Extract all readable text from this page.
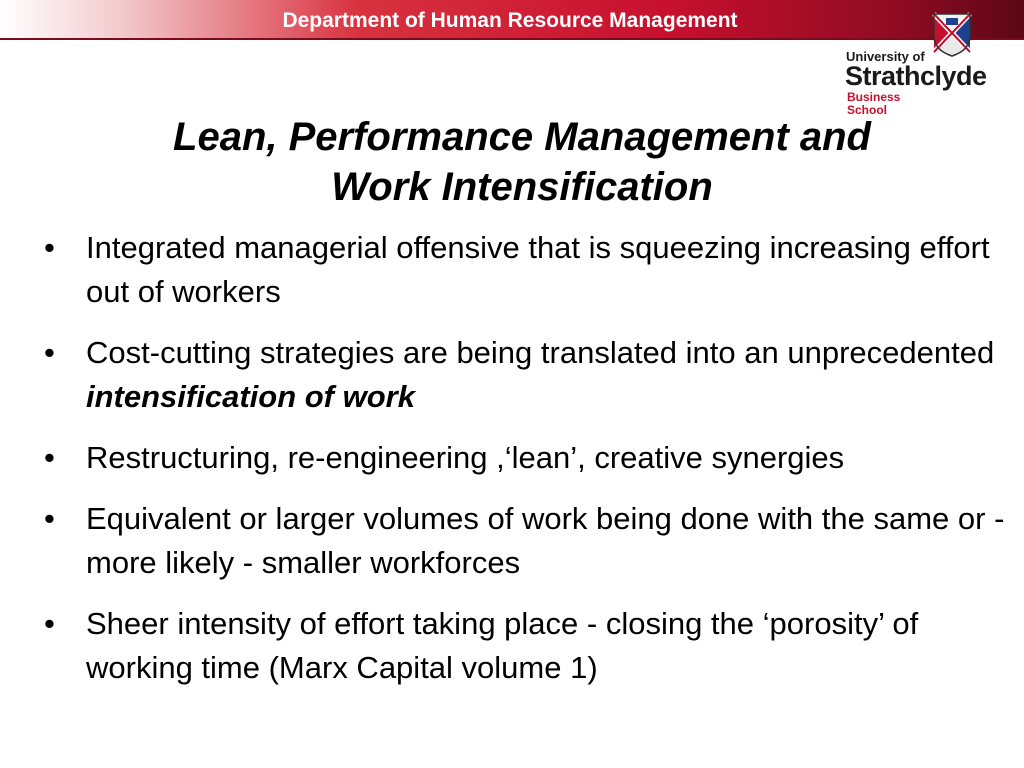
Department of Human Resource Management
University of
Strathclyde
Business
School
Lean, Performance Management and
Work Intensification
• Integrated managerial offensive that is squeezing increasing effort out of workers
• Cost-cutting strategies are being translated into an unprecedented intensification of work
• Restructuring, re-engineering ,‘lean’, creative synergies
• Equivalent or larger volumes of work being done with the same or - more likely - smaller workforces
• Sheer intensity of effort taking place - closing the ‘porosity’ of working time (Marx Capital volume 1)
